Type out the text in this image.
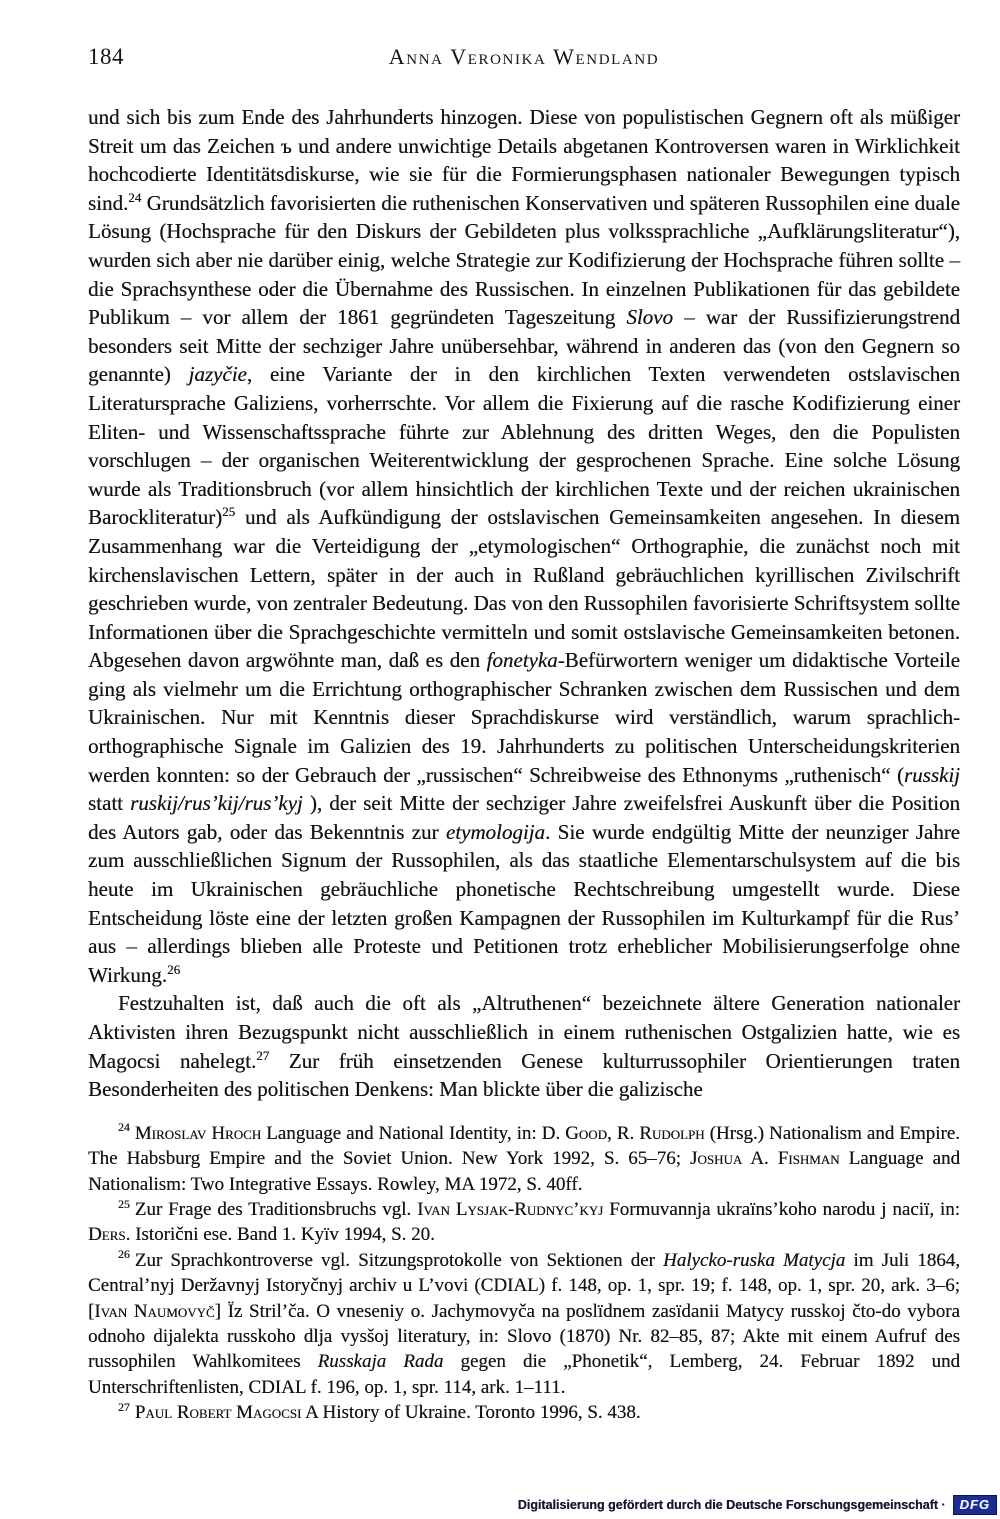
184	Anna Veronika Wendland

und sich bis zum Ende des Jahrhunderts hinzogen. Diese von populistischen Gegnern oft als müßiger Streit um das Zeichen ъ und andere unwichtige Details abgetanen Kontroversen waren in Wirklichkeit hochcodierte Identitätsdiskurse, wie sie für die Formierungsphasen nationaler Bewegungen typisch sind.$^{24}$ Grundsätzlich favorisierten die ruthenischen Konservativen und späteren Russophilen eine duale Lösung (Hochsprache für den Diskurs der Gebildeten plus volkssprachliche „Aufklärungsliteratur“), wurden sich aber nie darüber einig, welche Strategie zur Kodifizierung der Hochsprache führen sollte – die Sprachsynthese oder die Übernahme des Russischen. In einzelnen Publikationen für das gebildete Publikum – vor allem der 1861 gegründeten Tageszeitung Slovo – war der Russifizierungstrend besonders seit Mitte der sechziger Jahre unübersehbar, während in anderen das (von den Gegnern so genannte) jazyčie, eine Variante der in den kirchlichen Texten verwendeten ostslavischen Literatursprache Galiziens, vorherrschte. Vor allem die Fixierung auf die rasche Kodifizierung einer Eliten- und Wissenschaftssprache führte zur Ablehnung des dritten Weges, den die Populisten vorschlugen – der organischen Weiterentwicklung der gesprochenen Sprache. Eine solche Lösung wurde als Traditionsbruch (vor allem hinsichtlich der kirchlichen Texte und der reichen ukrainischen Barockliteratur)$^{25}$ und als Aufkündigung der ostslavischen Gemeinsamkeiten angesehen. In diesem Zusammenhang war die Verteidigung der „etymologischen“ Orthographie, die zunächst noch mit kirchenslavischen Lettern, später in der auch in Rußland gebräuchlichen kyrillischen Zivilschrift geschrieben wurde, von zentraler Bedeutung. Das von den Russophilen favorisierte Schriftsystem sollte Informationen über die Sprachgeschichte vermitteln und somit ostslavische Gemeinsamkeiten betonen. Abgesehen davon argwöhnte man, daß es den fonetyka-Befürwortern weniger um didaktische Vorteile ging als vielmehr um die Errichtung orthographischer Schranken zwischen dem Russischen und dem Ukrainischen. Nur mit Kenntnis dieser Sprachdiskurse wird verständlich, warum sprachlich-orthographische Signale im Galizien des 19. Jahrhunderts zu politischen Unterscheidungskriterien werden konnten: so der Gebrauch der „russischen“ Schreibweise des Ethnonyms „ruthenisch“ (russkij statt ruskij/rus’kij/rus’kyj ), der seit Mitte der sechziger Jahre zweifelsfrei Auskunft über die Position des Autors gab, oder das Bekenntnis zur etymologija. Sie wurde endgültig Mitte der neunziger Jahre zum ausschließlichen Signum der Russophilen, als das staatliche Elementarschulsystem auf die bis heute im Ukrainischen gebräuchliche phonetische Rechtschreibung umgestellt wurde. Diese Entscheidung löste eine der letzten großen Kampagnen der Russophilen im Kulturkampf für die Rus’ aus – allerdings blieben alle Proteste und Petitionen trotz erheblicher Mobilisierungserfolge ohne Wirkung.$^{26}$

Festzuhalten ist, daß auch die oft als „Altruthenen“ bezeichnete ältere Generation nationaler Aktivisten ihren Bezugspunkt nicht ausschließlich in einem ruthenischen Ostgalizien hatte, wie es Magocsi nahelegt.$^{27}$ Zur früh einsetzenden Genese kulturrussophiler Orientierungen traten Besonderheiten des politischen Denkens: Man blickte über die galizische

$^{24}$ Miroslav Hroch Language and National Identity, in: D. Good, R. Rudolph (Hrsg.) Nationalism and Empire. The Habsburg Empire and the Soviet Union. New York 1992, S. 65–76; Joshua A. Fishman Language and Nationalism: Two Integrative Essays. Rowley, MA 1972, S. 40ff.

$^{25}$ Zur Frage des Traditionsbruchs vgl. Ivan Lysjak-Rudnyc’kyj Formuvannja ukraïns’koho narodu j naciï, in: Ders. Istorični ese. Band 1. Kyïv 1994, S. 20.

$^{26}$ Zur Sprachkontroverse vgl. Sitzungsprotokolle von Sektionen der Halycko-ruska Matycja im Juli 1864, Central’nyj Deržavnyj Istoryčnyj archiv u L’vovi (CDIAL) f. 148, op. 1, spr. 19; f. 148, op. 1, spr. 20, ark. 3–6; [Ivan Naumovyč] Ïz Stril’ča. O vneseniy o. Jachymovyča na poslïdnem zasïdanii Matycy russkoj čto-do vybora odnoho dijalekta russkoho dlja vysšoj literatury, in: Slovo (1870) Nr. 82–85, 87; Akte mit einem Aufruf des russophilen Wahlkomitees Russkaja Rada gegen die „Phonetik“, Lemberg, 24. Februar 1892 und Unterschriftenlisten, CDIAL f. 196, op. 1, spr. 114, ark. 1–111.

$^{27}$ Paul Robert Magocsi A History of Ukraine. Toronto 1996, S. 438.

Digitalisierung gefördert durch die Deutsche Forschungsgemeinschaft ·	DFG
